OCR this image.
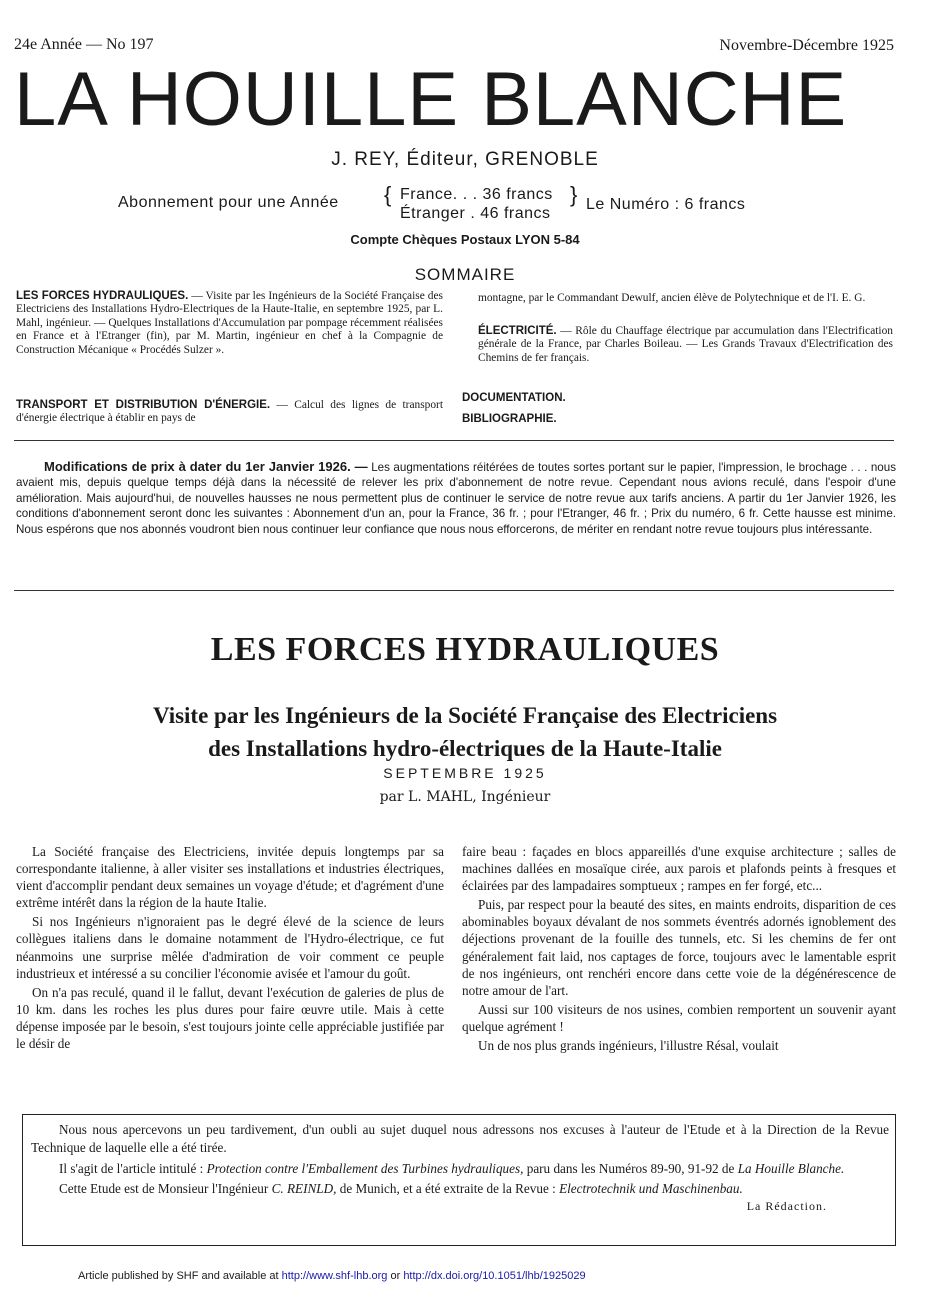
24e Année — No 197	Novembre-Décembre 1925
LA HOUILLE BLANCHE
J. REY, Éditeur, GRENOBLE
Abonnement pour une Année { France. . . 36 francs
Étranger . 46 francs
} Le Numéro : 6 francs
Compte Chèques Postaux LYON 5-84
SOMMAIRE
LES FORCES HYDRAULIQUES. — Visite par les Ingénieurs de la Société Française des Electriciens des Installations Hydro-Electriques de la Haute-Italie, en septembre 1925, par L. Mahl, ingénieur. — Quelques Installations d'Accumulation par pompage récemment réalisées en France et à l'Etranger (fin), par M. Martin, ingénieur en chef à la Compagnie de Construction Mécanique « Procédés Sulzer ».
TRANSPORT ET DISTRIBUTION D'ÉNERGIE. — Calcul des lignes de transport d'énergie électrique à établir en pays de
montagne, par le Commandant Dewulf, ancien élève de Polytechnique et de l'I. E. G.
ÉLECTRICITÉ. — Rôle du Chauffage électrique par accumulation dans l'Electrification générale de la France, par Charles Boileau. — Les Grands Travaux d'Electrification des Chemins de fer français.
DOCUMENTATION.
BIBLIOGRAPHIE.
Modifications de prix à dater du 1er Janvier 1926. — Les augmentations réitérées de toutes sortes portant sur le papier, l'impression, le brochage . . . nous avaient mis, depuis quelque temps déjà dans la nécessité de relever les prix d'abonnement de notre revue. Cependant nous avions reculé, dans l'espoir d'une amélioration. Mais aujourd'hui, de nouvelles hausses ne nous permettent plus de continuer le service de notre revue aux tarifs anciens. A partir du 1er Janvier 1926, les conditions d'abonnement seront donc les suivantes : Abonnement d'un an, pour la France, 36 fr. ; pour l'Etranger, 46 fr. ; Prix du numéro, 6 fr. Cette hausse est minime. Nous espérons que nos abonnés voudront bien nous continuer leur confiance que nous nous efforcerons, de mériter en rendant notre revue toujours plus intéressante.
LES FORCES HYDRAULIQUES
Visite par les Ingénieurs de la Société Française des Electriciens
des Installations hydro-électriques de la Haute-Italie
SEPTEMBRE 1925
par L. MAHL, Ingénieur

La Société française des Electriciens, invitée depuis longtemps par sa correspondante italienne, à aller visiter ses installations et industries électriques, vient d'accomplir pendant deux semaines un voyage d'étude; et d'agrément d'une extrême intérêt dans la région de la haute Italie.

Si nos Ingénieurs n'ignoraient pas le degré élevé de la science de leurs collègues italiens dans le domaine notamment de l'Hydro-électrique, ce fut néanmoins une surprise mêlée d'admiration de voir comment ce peuple industrieux et intéressé a su concilier l'économie avisée et l'amour du goût.

On n'a pas reculé, quand il le fallut, devant l'exécution de galeries de plus de 10 km. dans les roches les plus dures pour faire œuvre utile. Mais à cette dépense imposée par le besoin, s'est toujours jointe celle appréciable justifiée par le désir de

faire beau : façades en blocs appareillés d'une exquise architecture ; salles de machines dallées en mosaïque cirée, aux parois et plafonds peints à fresques et éclairées par des lampadaires somptueux ; rampes en fer forgé, etc...

Puis, par respect pour la beauté des sites, en maints endroits, disparition de ces abominables boyaux dévalant de nos sommets éventrés adornés ignoblement des déjections provenant de la fouille des tunnels, etc. Si les chemins de fer ont généralement fait laid, nos captages de force, toujours avec le lamentable esprit de nos ingénieurs, ont renchéri encore dans cette voie de la dégénérescence de notre amour de l'art.

Aussi sur 100 visiteurs de nos usines, combien remportent un souvenir ayant quelque agrément !

Un de nos plus grands ingénieurs, l'illustre Résal, voulait

Nous nous apercevons un peu tardivement, d'un oubli au sujet duquel nous adressons nos excuses à l'auteur de l'Etude et à la Direction de la Revue Technique de laquelle elle a été tirée.

Il s'agit de l'article intitulé : Protection contre l'Emballement des Turbines hydrauliques, paru dans les Numéros 89-90, 91-92 de La Houille Blanche.

Cette Etude est de Monsieur l'Ingénieur C. REINLD, de Munich, et a été extraite de la Revue : Electrotechnik und Maschinenbau.
La Rédaction.

Article published by SHF and available at http://www.shf-lhb.org or http://dx.doi.org/10.1051/lhb/1925029
